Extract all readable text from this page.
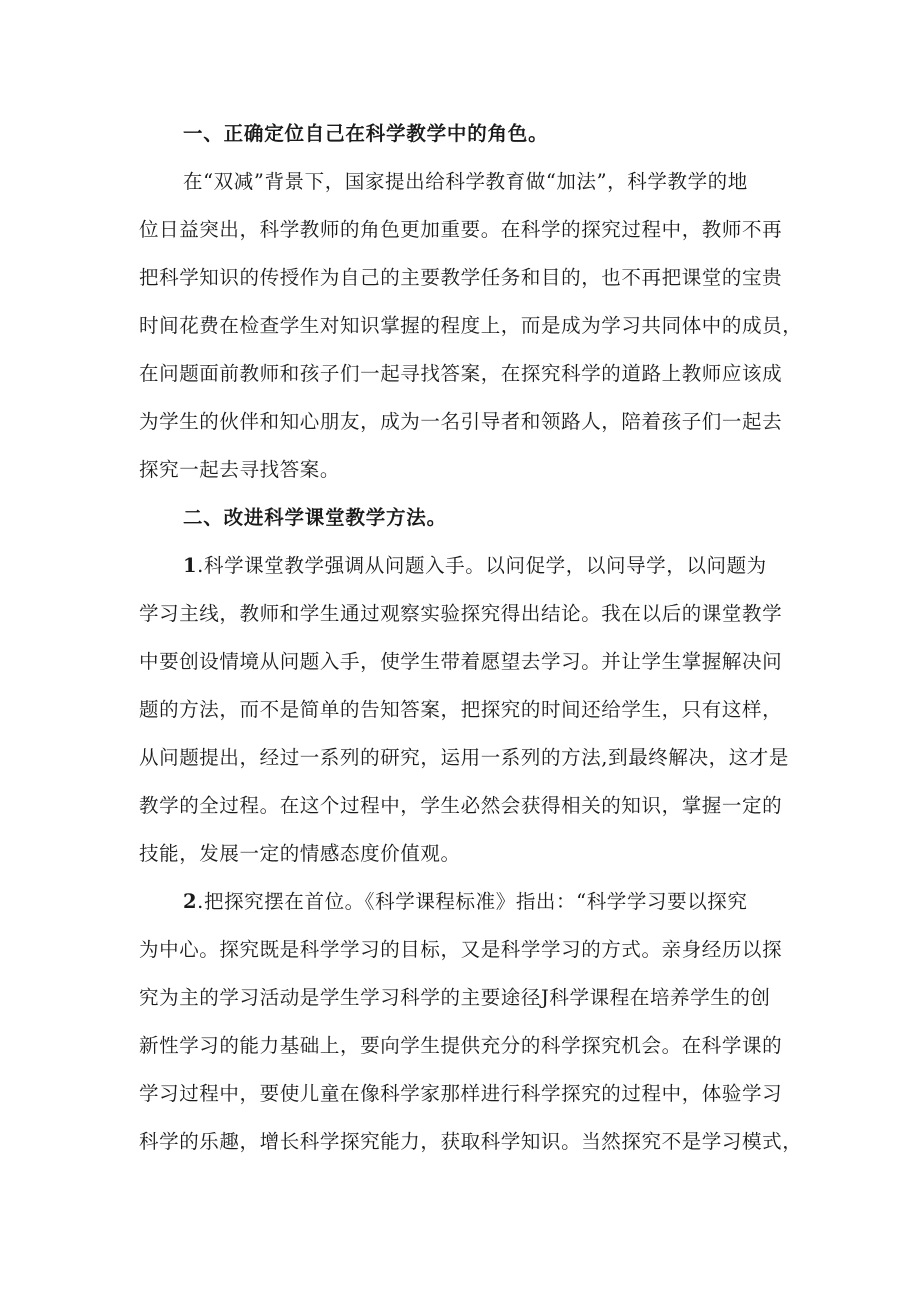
一、正确定位自己在科学教学中的角色。
在“双减”背景下，国家提出给科学教育做“加法”，科学教学的地
位日益突出，科学教师的角色更加重要。在科学的探究过程中，教师不再
把科学知识的传授作为自己的主要教学任务和目的，也不再把课堂的宝贵
时间花费在检查学生对知识掌握的程度上，而是成为学习共同体中的成员，
在问题面前教师和孩子们一起寻找答案，在探究科学的道路上教师应该成
为学生的伙伴和知心朋友，成为一名引导者和领路人，陪着孩子们一起去
探究一起去寻找答案。
二、改进科学课堂教学方法。
1.科学课堂教学强调从问题入手。以问促学，以问导学，以问题为
学习主线，教师和学生通过观察实验探究得出结论。我在以后的课堂教学
中要创设情境从问题入手，使学生带着愿望去学习。并让学生掌握解决问
题的方法，而不是简单的告知答案，把探究的时间还给学生，只有这样，
从问题提出，经过一系列的研究，运用一系列的方法,到最终解决，这才是
教学的全过程。在这个过程中，学生必然会获得相关的知识，掌握一定的
技能，发展一定的情感态度价值观。
2.把探究摆在首位。《科学课程标准》指出：“科学学习要以探究
为中心。探究既是科学学习的目标，又是科学学习的方式。亲身经历以探
究为主的学习活动是学生学习科学的主要途径J科学课程在培养学生的创
新性学习的能力基础上，要向学生提供充分的科学探究机会。在科学课的
学习过程中，要使儿童在像科学家那样进行科学探究的过程中，体验学习
科学的乐趣，增长科学探究能力，获取科学知识。当然探究不是学习模式，
